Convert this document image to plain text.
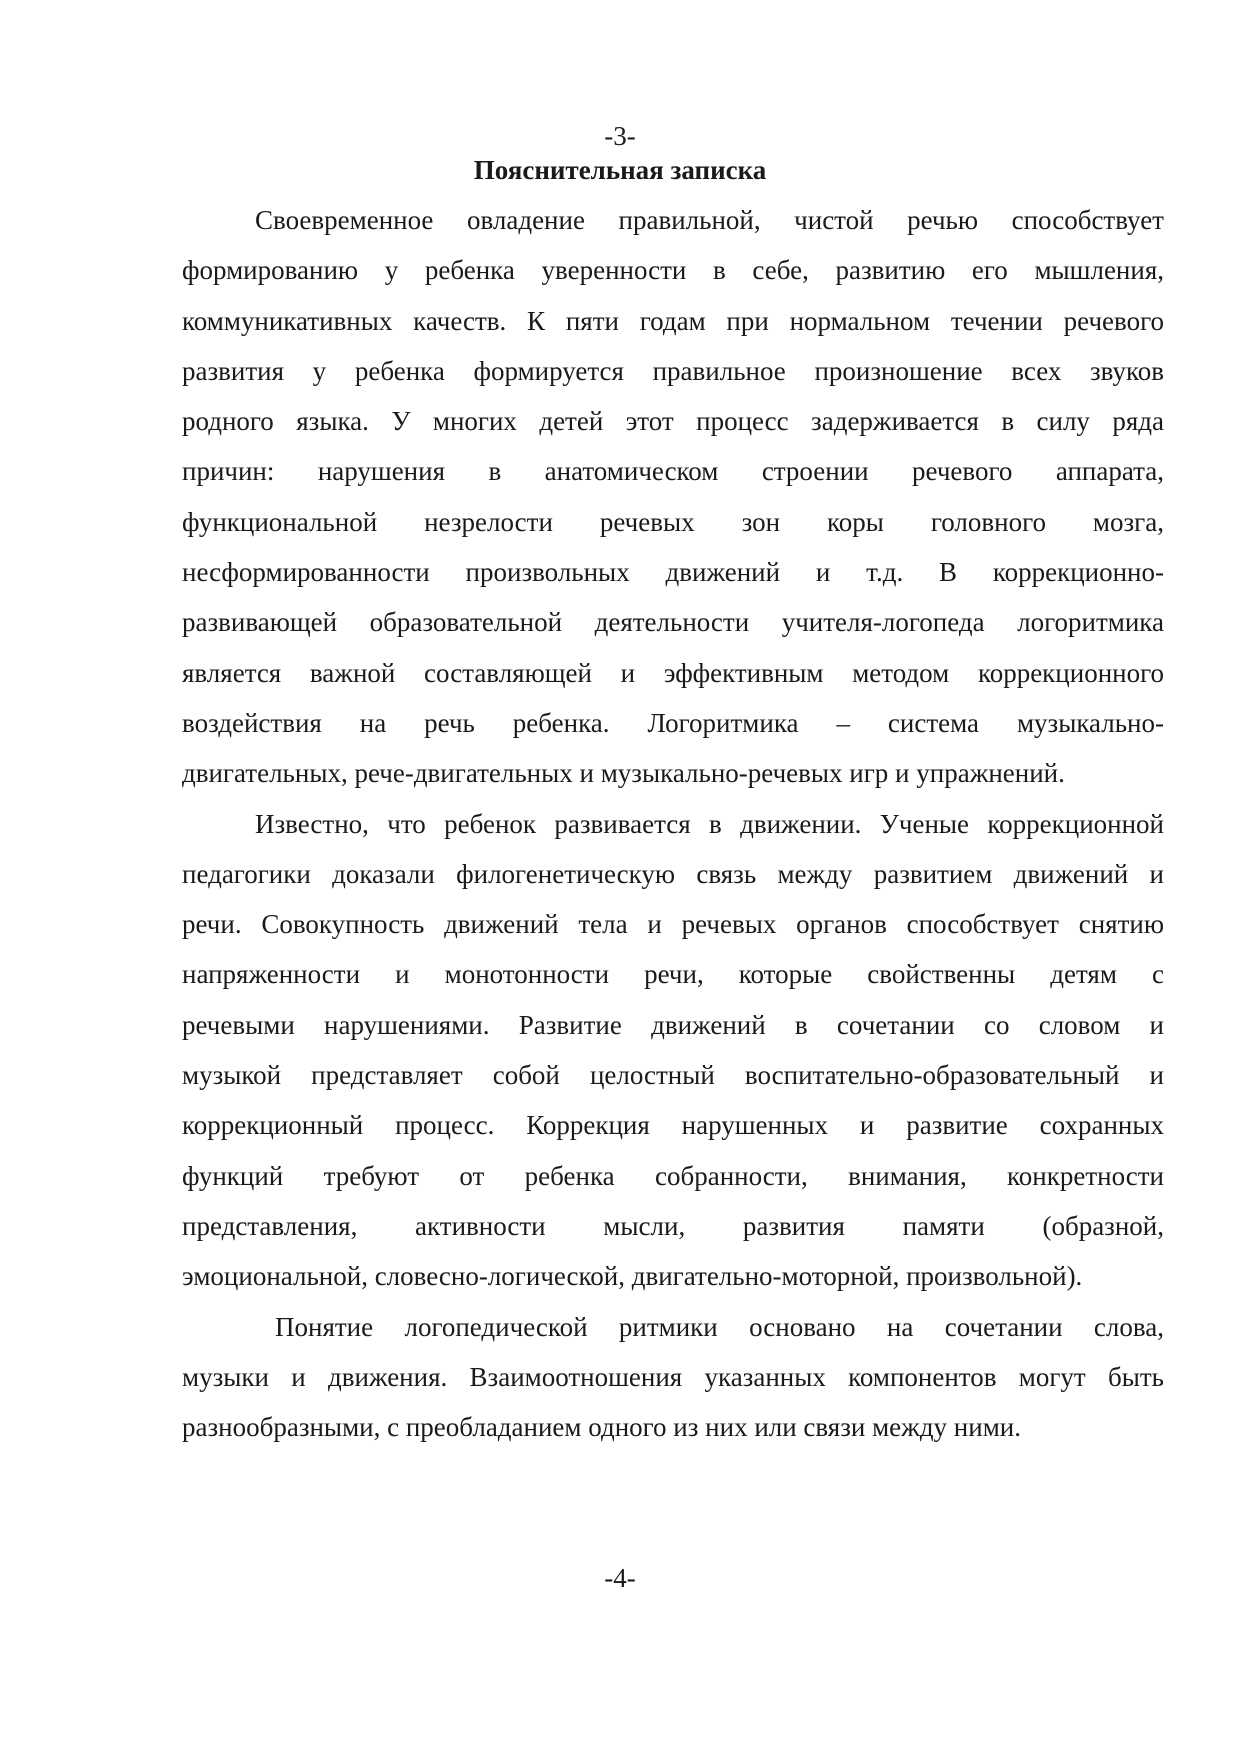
-3-
Пояснительная записка
Своевременное овладение правильной, чистой речью способствует
формированию у ребенка уверенности в себе, развитию его мышления,
коммуникативных качеств. К пяти годам при нормальном течении речевого
развития у ребенка формируется правильное произношение всех звуков
родного языка. У многих детей этот процесс задерживается в силу ряда
причин: нарушения в анатомическом строении речевого аппарата,
функциональной незрелости речевых зон коры головного мозга,
несформированности произвольных движений и т.д. В коррекционно-
развивающей образовательной деятельности учителя-логопеда логоритмика
является важной составляющей и эффективным методом коррекционного
воздействия на речь ребенка. Логоритмика – система музыкально-
двигательных, рече-двигательных и музыкально-речевых игр и упражнений.
Известно, что ребенок развивается в движении. Ученые коррекционной
педагогики доказали филогенетическую связь между развитием движений и
речи. Совокупность движений тела и речевых органов способствует снятию
напряженности и монотонности речи, которые свойственны детям с
речевыми нарушениями. Развитие движений в сочетании со словом и
музыкой представляет собой целостный воспитательно-образовательный и
коррекционный процесс. Коррекция нарушенных и развитие сохранных
функций требуют от ребенка собранности, внимания, конкретности
представления, активности мысли, развития памяти (образной,
эмоциональной, словесно-логической, двигательно-моторной, произвольной).
Понятие логопедической ритмики основано на сочетании слова,
музыки и движения. Взаимоотношения указанных компонентов могут быть
разнообразными, с преобладанием одного из них или связи между ними.
-4-
